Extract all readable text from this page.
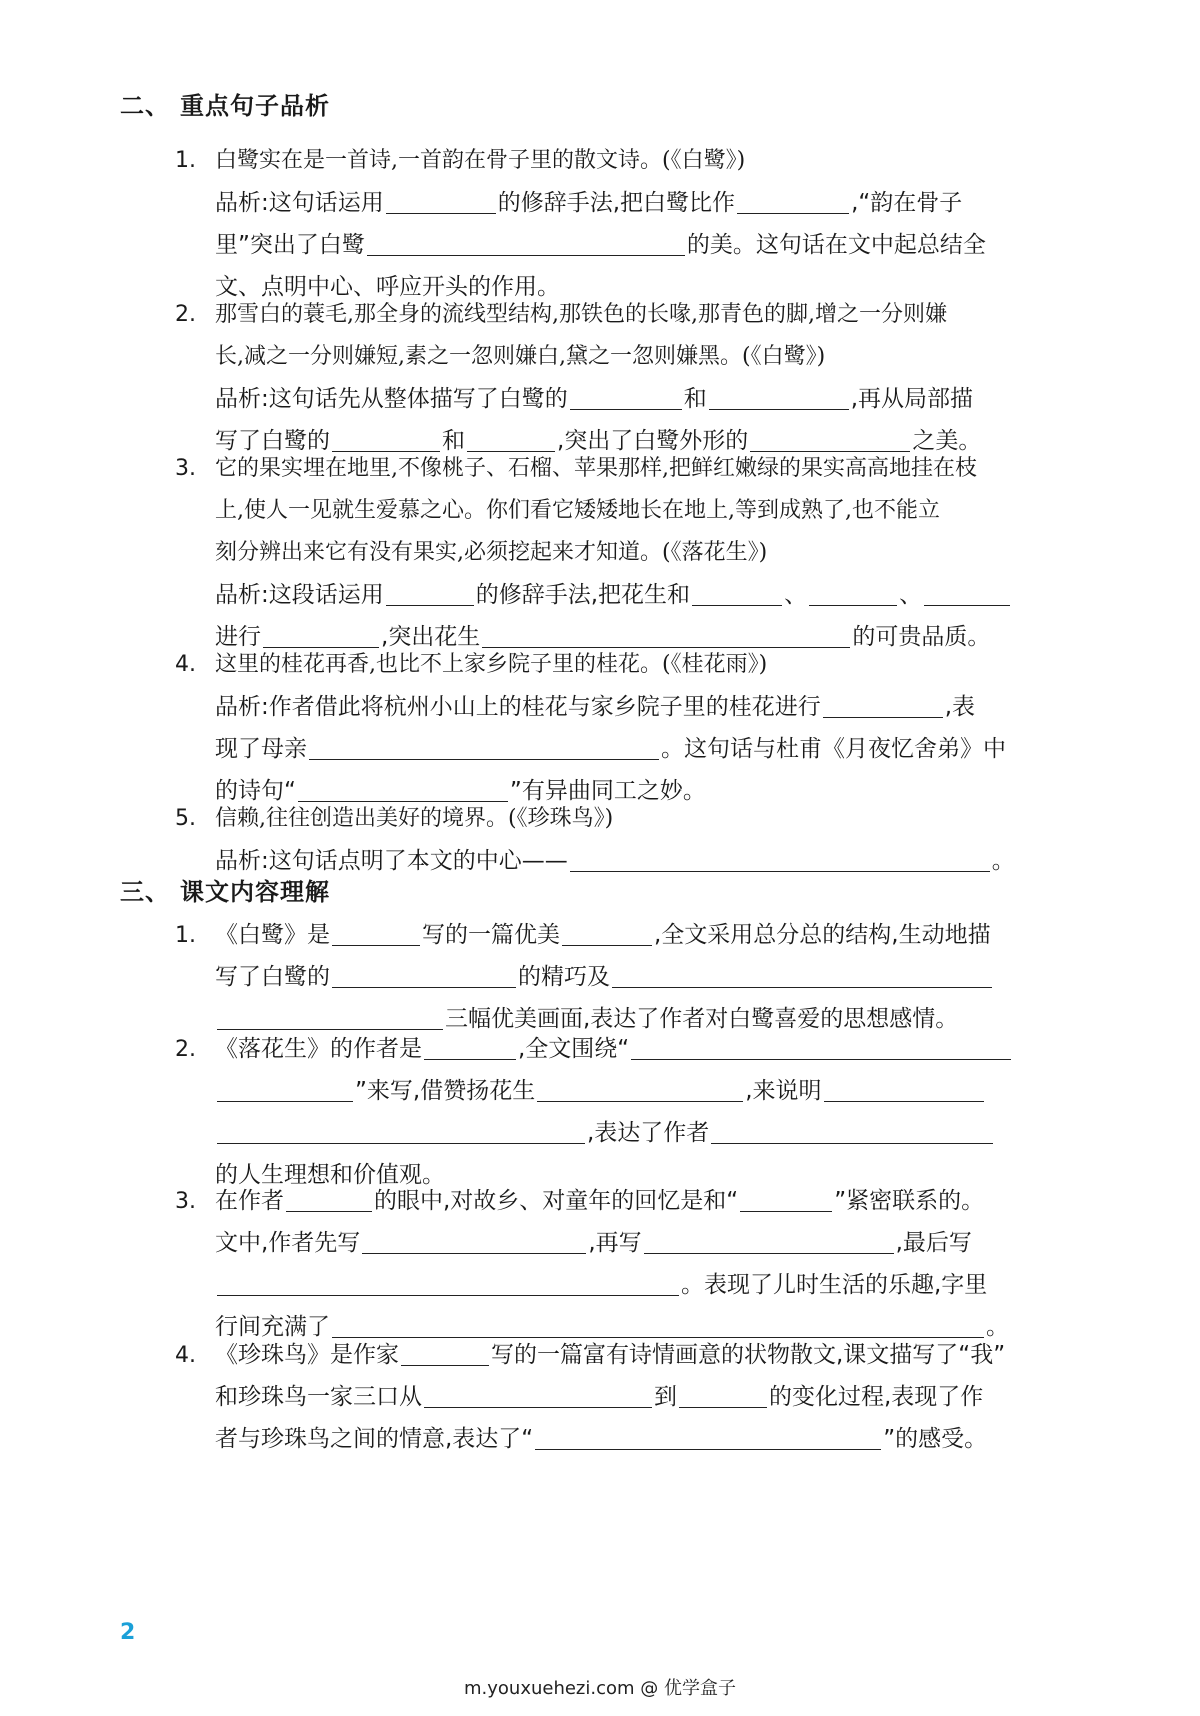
二、 重点句子品析
1. 白鹭实在是一首诗,一首韵在骨子里的散文诗。(《白鹭》)
品析:这句话运用	的修辞手法,把白鹭比作	,“韵在骨子
里”突出了白鹭	的美。这句话在文中起总结全
文、点明中心、呼应开头的作用。
2. 那雪白的蓑毛,那全身的流线型结构,那铁色的长喙,那青色的脚,增之一分则嫌
长,减之一分则嫌短,素之一忽则嫌白,黛之一忽则嫌黑。(《白鹭》)
品析:这句话先从整体描写了白鹭的	和	,再从局部描
写了白鹭的	和	,突出了白鹭外形的	之美。
3. 它的果实埋在地里,不像桃子、石榴、苹果那样,把鲜红嫩绿的果实高高地挂在枝
上,使人一见就生爱慕之心。你们看它矮矮地长在地上,等到成熟了,也不能立
刻分辨出来它有没有果实,必须挖起来才知道。(《落花生》)
品析:这段话运用	的修辞手法,把花生和	、	、
进行	,突出花生	的可贵品质。
4. 这里的桂花再香,也比不上家乡院子里的桂花。(《桂花雨》)
品析:作者借此将杭州小山上的桂花与家乡院子里的桂花进行	,表
现了母亲	。这句话与杜甫《月夜忆舍弟》中
的诗句“	”有异曲同工之妙。
5. 信赖,往往创造出美好的境界。(《珍珠鸟》)
品析:这句话点明了本文的中心——	。
三、 课文内容理解
1. 《白鹭》是	写的一篇优美	,全文采用总分总的结构,生动地描
写了白鹭的	的精巧及
三幅优美画面,表达了作者对白鹭喜爱的思想感情。
2. 《落花生》的作者是	,全文围绕“
”来写,借赞扬花生	,来说明
,表达了作者
的人生理想和价值观。
3. 在作者	的眼中,对故乡、对童年的回忆是和“	”紧密联系的。
文中,作者先写	,再写	,最后写
。表现了儿时生活的乐趣,字里
行间充满了	。
4. 《珍珠鸟》是作家	写的一篇富有诗情画意的状物散文,课文描写了“我”
和珍珠鸟一家三口从	到	的变化过程,表现了作
者与珍珠鸟之间的情意,表达了“	”的感受。
2
m.youxuehezi.com @ 优学盒子
